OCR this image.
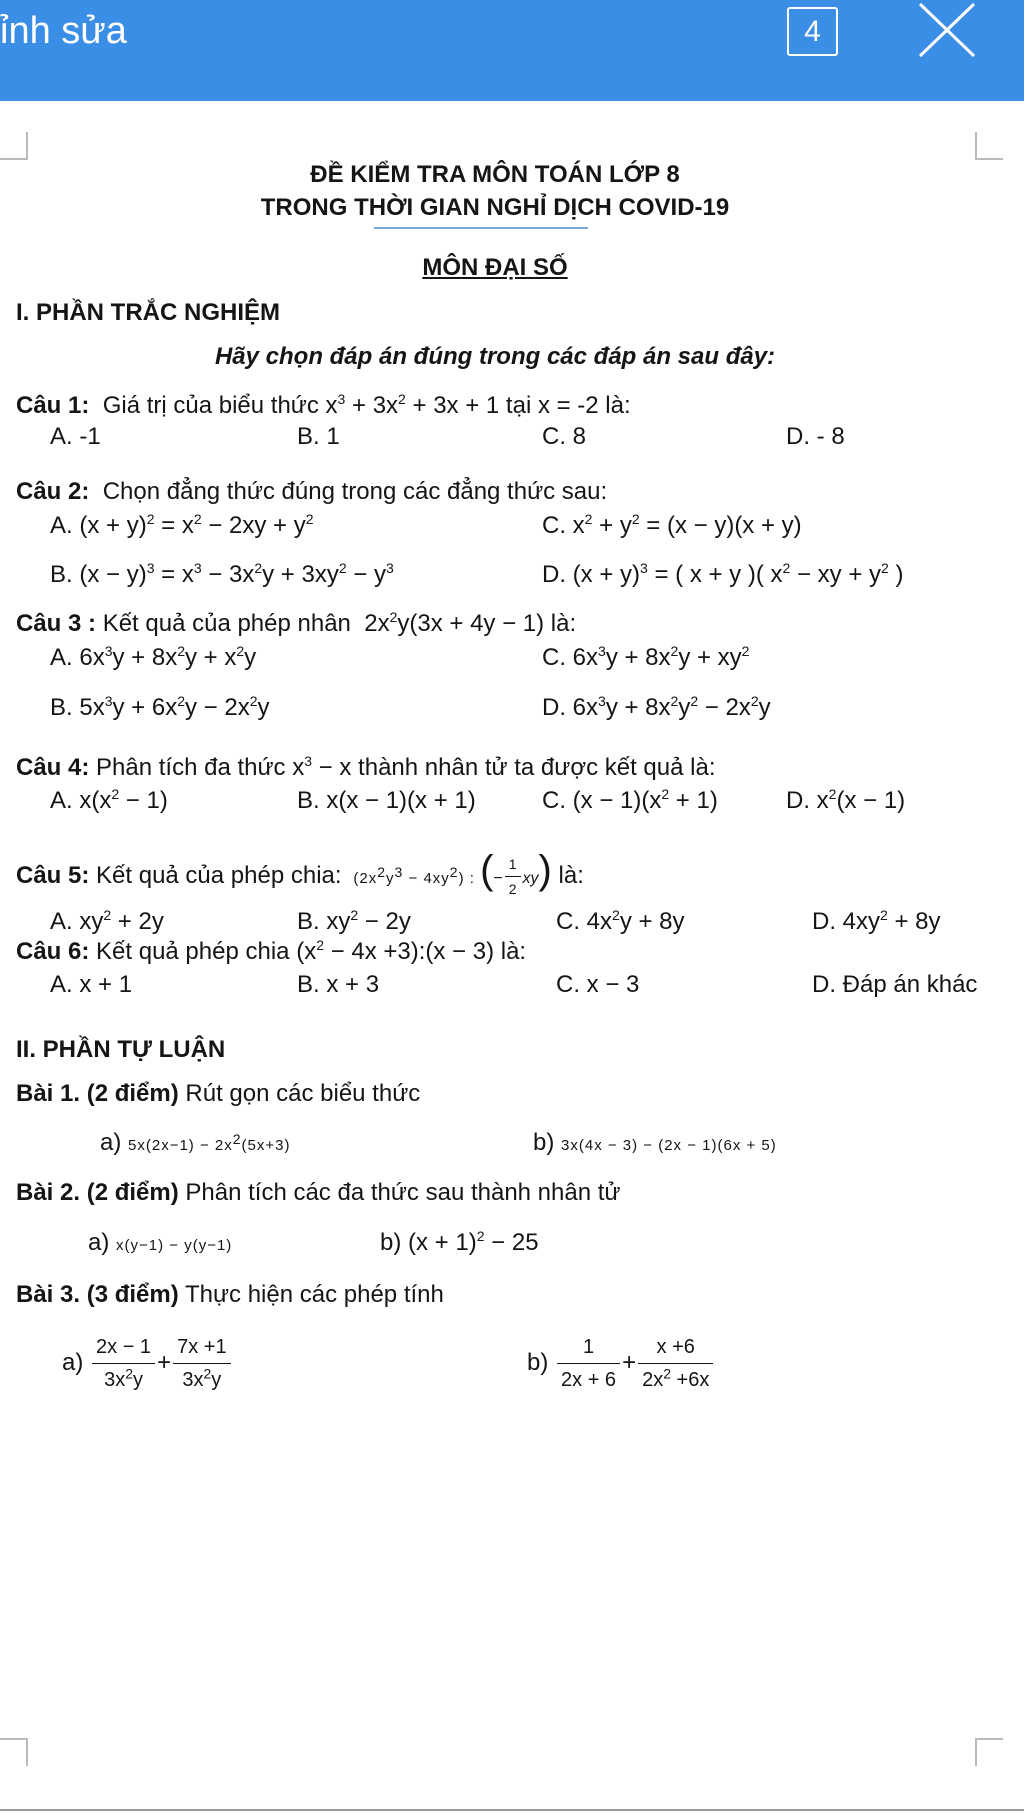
ỉnh sửa	4
ĐỀ KIỂM TRA MÔN TOÁN LỚP 8
TRONG THỜI GIAN NGHỈ DỊCH COVID-19
MÔN ĐẠI SỐ
I. PHẦN TRẮC NGHIỆM
Hãy chọn đáp án đúng trong các đáp án sau đây:
Câu 1: Giá trị của biểu thức $x^3 + 3x^2 + 3x + 1$ tại x = -2 là:
A. -1	B. 1	C. 8	D. - 8
Câu 2: Chọn đẳng thức đúng trong các đẳng thức sau:
A. $(x + y)^2 = x^2 - 2xy + y^2$	C. $x^2 + y^2 = (x - y)(x + y)$
B. $(x - y)^3 = x^3 - 3x^2y + 3xy^2 - y^3$	D. $(x + y)^3$ = ( x + y )( $x^2$ − xy + $y^2$ )
Câu 3 : Kết quả của phép nhân  $2x^2y(3x + 4y - 1)$ là:
A. $6x^3y + 8x^2y + x^2y$	C. $6x^3y + 8x^2y + xy^2$
B. $5x^3y + 6x^2y - 2x^2y$	D. $6x^3y + 8x^2y^2 - 2x^2y$
Câu 4: Phân tích đa thức $x^3 - x$ thành nhân tử ta được kết quả là:
A. $x(x^2 - 1)$	B. x(x − 1)(x + 1)	C. $(x - 1)(x^2 + 1)$	D. $x^2(x - 1)$
Câu 5: Kết quả của phép chia:  $(2x^2y^3 - 4xy^2)$ : (− $\frac{1}{2} xy$) là:
A. $xy^2 + 2y$	B. $xy^2 - 2y$	C. $4x^2y + 8y$	D. $4xy^2 + 8y$
Câu 6: Kết quả phép chia ($x^2 - 4x$ +3):(x − 3) là:
A. x + 1	B. x + 3	C. x − 3	D. Đáp án khác
II. PHẦN TỰ LUẬN
Bài 1. (2 điểm) Rút gọn các biểu thức
a) $5x(2x-1) - 2x^2(5x+3)$	b) 3x(4x − 3) − (2x − 1)(6x + 5)
Bài 2. (2 điểm) Phân tích các đa thức sau thành nhân tử
a) x(y−1) − y(y−1)	b) $(x + 1)^2 - 25$
Bài 3. (3 điểm) Thực hiện các phép tính
$a) \frac{2x - 1}{3x^2y} + \frac{7x +1}{3x^2y}$	$b) \frac{1}{2x + 6} + \frac{x +6}{2x^2 +6x}$
